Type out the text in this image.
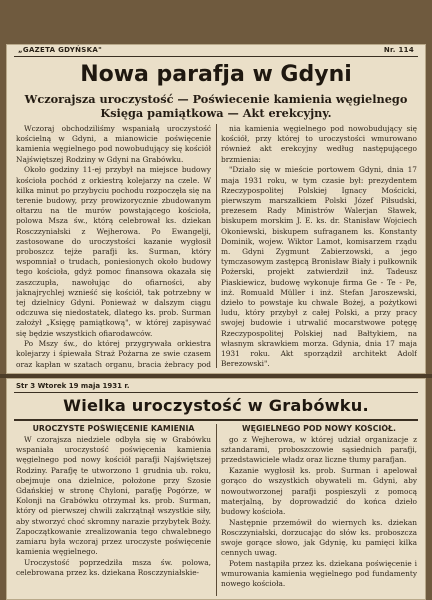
„GAZETA GDYŃSKA"	Nr. 114
Nowa parafja w Gdyni
Wczorajsza uroczystość — Poświecenie kamienia węgielnego
Księga pamiątkowa — Akt erekcyjny.

Wczoraj obchodziliśmy wspaniałą uroczystość kościelną w Gdyni, a mianowicie poświęcenie kamienia węgielnego pod nowobudujący się kościół Najświętszej Rodziny w Gdyni na Grabówku.

Około godziny 11-ej przybył na miejsce budowy kościoła pochód z orkiestrą kolejarzy na czele. W kilka minut po przybyciu pochodu rozpoczęła się na terenie budowy, przy prowizorycznie zbudowanym ołtarzu na tle murów powstającego kościoła, polowa Msza św., którą celebrował ks. dziekan Rosczzyniałski z Wejherowa. Po Ewangelji, zastosowane do uroczystości kazanie wygłosił proboszcz tejże parafji ks. Surman, który wspomniał o trudach, poniesionych około budowy tego kościoła, gdyż pomoc finansowa okazała się zaszczupła, nawołując do ofiarności, aby jaknajrychlej wznieść się kościół, tak potrzebny w tej dzielnicy Gdyni. Ponieważ w dalszym ciągu odczuwa się niedostatek, dlatego ks. prob. Surman założył „Księgę pamiątkową", w której zapisywać się będzie wszystkich ofiarodawców.

Po Mszy św., do której przygrywała orkiestra kolejarzy i śpiewała Straż Pożarna ze swie czasem oraz kapłan w szatach organu, bracia żebracy pod

nia kamienia węgielnego pod nowobudujący się kościół, przy której to uroczystości wmurowano również akt erekcyjny według następującego brzmienia:

"Działo się w mieście portowem Gdyni, dnia 17 maja 1931 roku, w tym czasie był: prezydentem Rzeczypospolitej Polskiej Ignacy Mościcki, pierwszym marszałkiem Polski Józef Piłsudski, prezesem Rady Ministrów Walerjan Sławek, biskupem morskim J. E. ks. dr. Stanisław Wojciech Okoniewski, biskupem sufraganem ks. Konstanty Dominik, wojew. Wiktor Lamot, komisarzem rządu m. Gdyni Zygmunt Zabierzowski, a jego tymczasowym zastępcą Bronisław Biały i pułkownik Pożerski, projekt zatwierdził inż. Tadeusz Piaskiewicz, budowę wykonuje firma Ge - Te - Pe, inż. Romuald Müller i inż. Stefan Jaroszewski, dzieło to powstaje ku chwale Bożej, a pożytkowi ludu, który przybył z całej Polski, a przy pracy swojej budowie i utrwalić mocarstwowe potęgę Rzeczypospolitej Polskiej nad Bałtykiem, na własnym skrawkiem morza. Gdynia, dnia 17 maja 1931 roku. Akt sporządził architekt Adolf Berezowski".

Str 3 Wtorek 19 maja 1931 r.
Wielka uroczystość w Grabówku.

UROCZYSTE POŚWIĘCENIE KAMIENIA

W czorajsza niedziele odbyła się w Grabówku wspaniała uroczystość poświęcenia kamienia węgielnego pod nowy kościół parafji Najświętszej Rodziny. Parafję te utworzono 1 grudnia ub. roku, obejmuje ona dzielnice, położone przy Szosie Gdańskiej w stronę Chyloni, parafję Pogórze, w Kolonji na Grabówku otrzymał ks. prob. Surman, który od pierwszej chwili zakrzątnął wszystkie siły, aby stworzyć choć skromny narazie przybytek Boży. Zapoczątkowanie zrealizowania tego chwalebnego zamiaru była wczoraj przez uroczyste poświęcenie kamienia węgielnego.

Uroczystość poprzedziła msza św. polowa, celebrowana przez ks. dziekana Rosczzyniałskie-

WĘGIELNEGO POD NOWY KOŚCIÓŁ.

go z Wejherowa, w której udział organizacje z sztandarami, proboszczowie sąsiednich parafji, przedstawiciele władz oraz liczne tłumy parafjan.

Kazanie wygłosił ks. prob. Surman i apelował gorąco do wszystkich obywateli m. Gdyni, aby nowoutworzonej parafji pospieszyli z pomocą materjalną, by doprowadzić do końca dzieło budowy kościoła.

Następnie przemówił do wiernych ks. dziekan Rosczzyniałski, dorzucając do słów ks. proboszcza swoje gorące słowo, jak Gdynię, ku pamięci kilka cennych uwag.

Potem nastąpiła przez ks. dziekana poświęcenie i wmurowania kamienia węgielnego pod fundamenty nowego kościoła.
